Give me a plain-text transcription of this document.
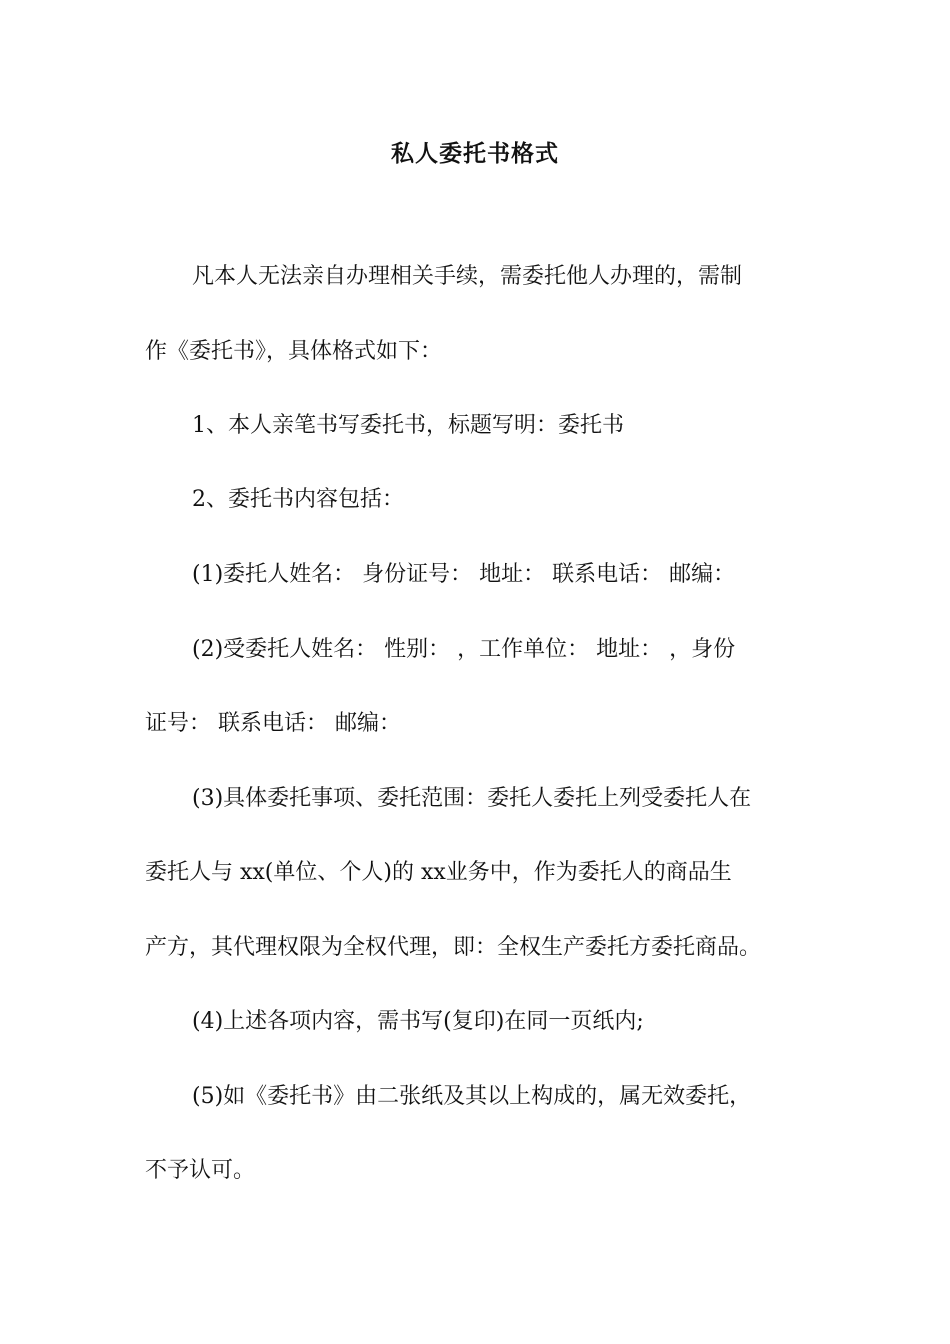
私人委托书格式
凡本人无法亲自办理相关手续，需委托他人办理的，需制
作《委托书》，具体格式如下：
1、本人亲笔书写委托书，标题写明：委托书
2、委托书内容包括：
(1)委托人姓名： 身份证号： 地址： 联系电话： 邮编：
(2)受委托人姓名： 性别： ，工作单位： 地址： ，身份
证号： 联系电话： 邮编：
(3)具体委托事项、委托范围：委托人委托上列受委托人在
委托人与 xx(单位、个人)的 xx业务中，作为委托人的商品生
产方，其代理权限为全权代理，即：全权生产委托方委托商品。
(4)上述各项内容，需书写(复印)在同一页纸内;
(5)如《委托书》由二张纸及其以上构成的，属无效委托，
不予认可。
